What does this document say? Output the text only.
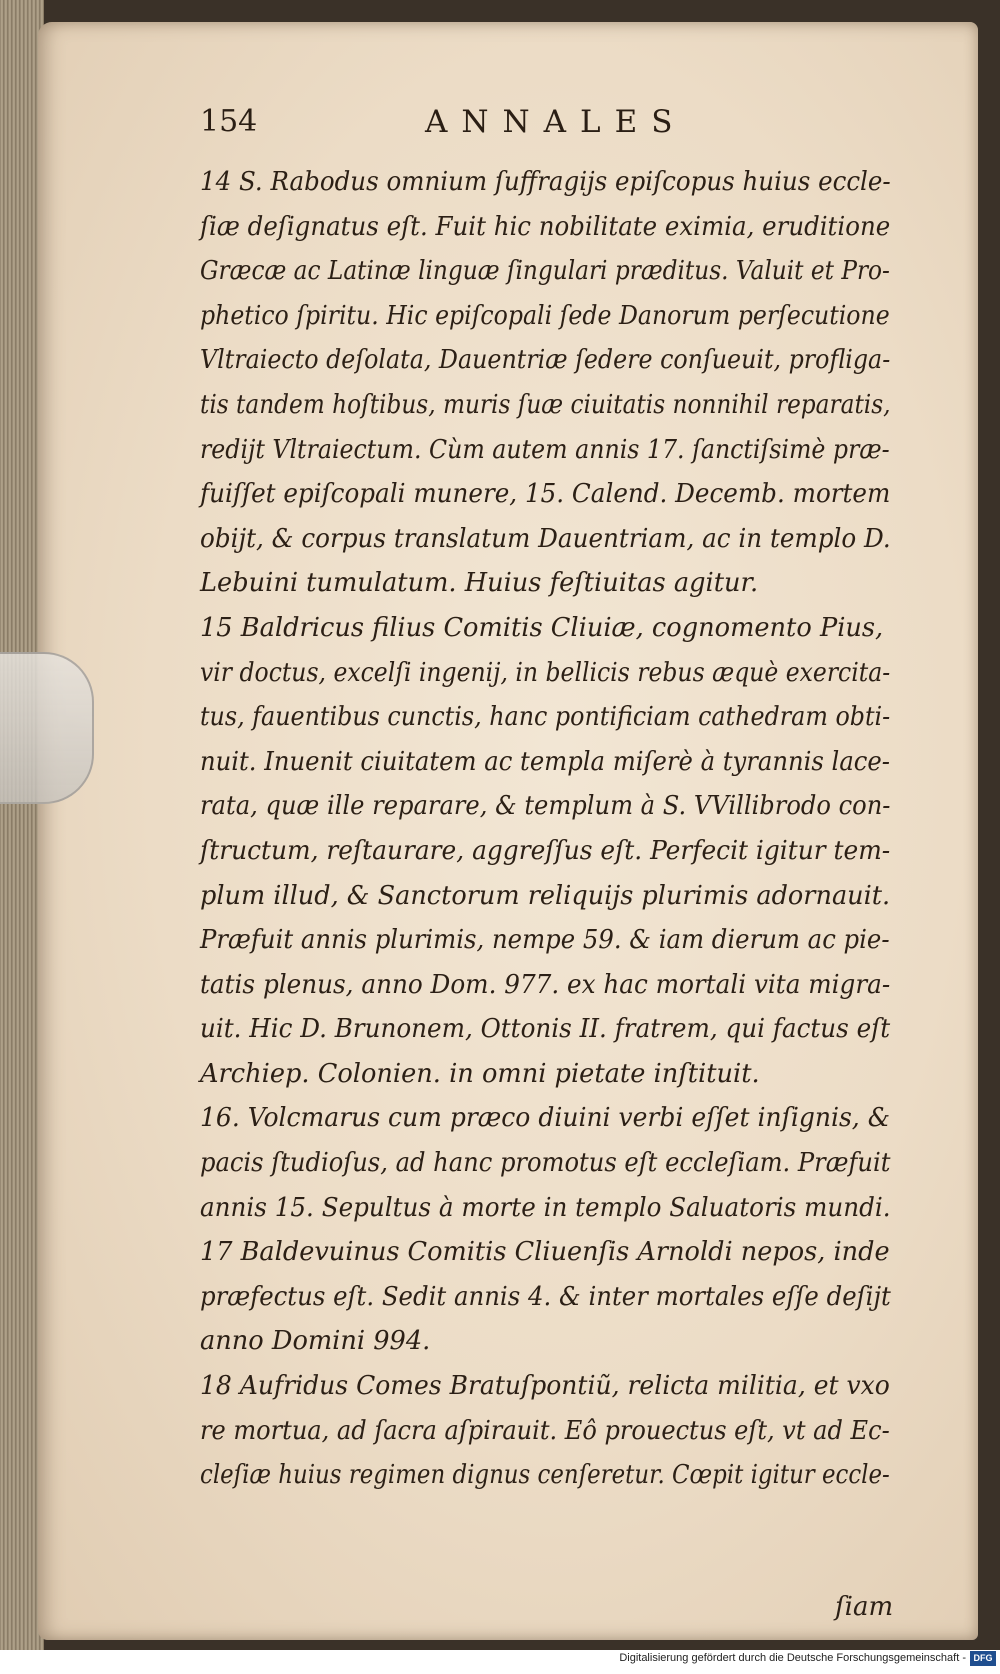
154	ANNALES
14 S. Rabodus omnium ſuffragijs epiſcopus huius eccle-
ſiæ deſignatus eſt. Fuit hic nobilitate eximia, eruditione
Græcæ ac Latinæ linguæ ſingulari præditus. Valuit et Pro-
phetico ſpiritu. Hic epiſcopali ſede Danorum perſecutione
Vltraiecto deſolata, Dauentriæ ſedere conſueuit, profliga-
tis tandem hoſtibus, muris ſuæ ciuitatis nonnihil reparatis,
redijt Vltraiectum. Cùm autem annis 17. ſanctiſsimè præ-
fuiſſet epiſcopali munere, 15. Calend. Decemb. mortem
obijt, & corpus translatum Dauentriam, ac in templo D.
Lebuini tumulatum. Huius feſtiuitas agitur.
15 Baldricus filius Comitis Cliuiæ, cognomento Pius,
vir doctus, excelſi ingenij, in bellicis rebus æquè exercita-
tus, fauentibus cunctis, hanc pontificiam cathedram obti-
nuit. Inuenit ciuitatem ac templa miſerè à tyrannis lace-
rata, quæ ille reparare, & templum à S. VVillibrodo con-
ſtructum, reſtaurare, aggreſſus eſt. Perfecit igitur tem-
plum illud, & Sanctorum reliquijs plurimis adornauit.
Præfuit annis plurimis, nempe 59. & iam dierum ac pie-
tatis plenus, anno Dom. 977. ex hac mortali vita migra-
uit. Hic D. Brunonem, Ottonis II. fratrem, qui factus eſt
Archiep. Colonien. in omni pietate inſtituit.
16. Volcmarus cum præco diuini verbi eſſet inſignis, &
pacis ſtudioſus, ad hanc promotus eſt eccleſiam. Præfuit
annis 15. Sepultus à morte in templo Saluatoris mundi.
17 Baldevuinus Comitis Cliuenſis Arnoldi nepos, inde
præfectus eſt. Sedit annis 4. & inter mortales eſſe deſijt
anno Domini 994.
18 Aufridus Comes Bratuſpontiũ, relicta militia, et vxo
re mortua, ad ſacra aſpirauit. Eô prouectus eſt, vt ad Ec-
cleſiæ huius regimen dignus cenſeretur. Cœpit igitur eccle-
ſiam
Digitalisierung gefördert durch die Deutsche Forschungsgemeinschaft - DFG
